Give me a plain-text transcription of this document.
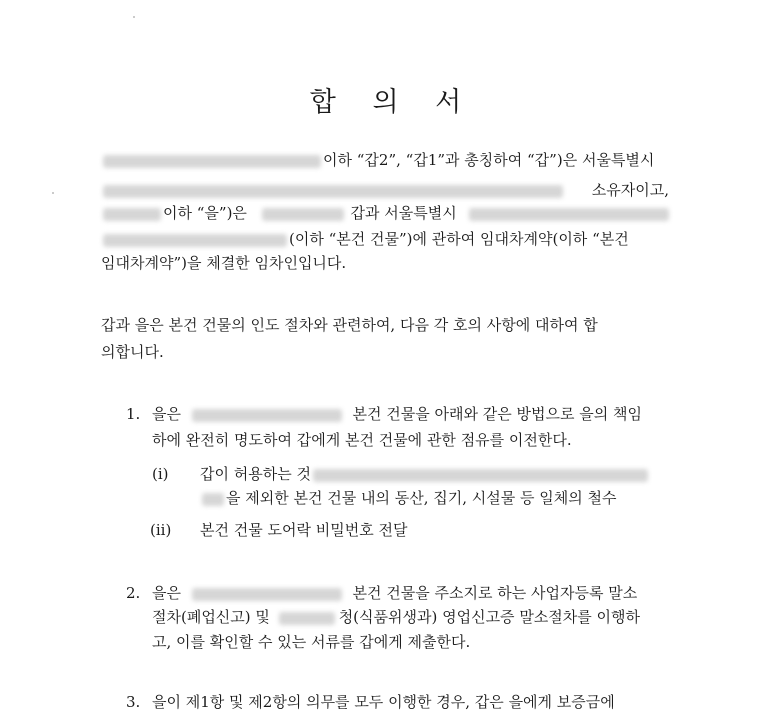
합 의 서
이하 “갑2”, “갑1”과 총칭하여 “갑”)은 서울특별시
소유자이고,
이하 “을”)은	갑과 서울특별시
(이하 “본건 건물”)에 관하여 임대차계약(이하 “본건
임대차계약”)을 체결한 임차인입니다.
갑과 을은 본건 건물의 인도 절차와 관련하여, 다음 각 호의 사항에 대하여 합
의합니다.
1. 을은	본건 건물을 아래와 같은 방법으로 을의 책임
하에 완전히 명도하여 갑에게 본건 건물에 관한 점유를 이전한다.
(i) 갑이 허용하는 것
을 제외한 본건 건물 내의 동산, 집기, 시설물 등 일체의 철수
(ii) 본건 건물 도어락 비밀번호 전달
2. 을은	본건 건물을 주소지로 하는 사업자등록 말소
절차(폐업신고) 및	청(식품위생과) 영업신고증 말소절차를 이행하
고, 이를 확인할 수 있는 서류를 갑에게 제출한다.
3. 을이 제1항 및 제2항의 의무를 모두 이행한 경우, 갑은 을에게 보증금에
